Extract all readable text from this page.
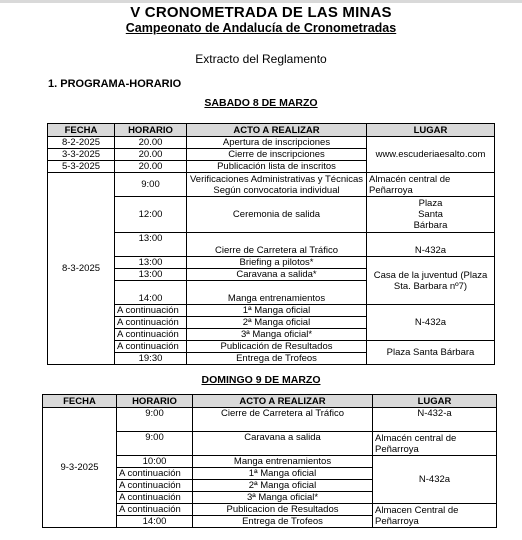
V CRONOMETRADA DE LAS MINAS
Campeonato de Andalucía de Cronometradas
Extracto del Reglamento
1. PROGRAMA-HORARIO
SABADO 8 DE MARZO
FECHA	HORARIO	ACTO A REALIZAR	LUGAR
8-2-2025	20.00	Apertura de inscripciones	www.escuderiaesalto.com
3-3-2025	20.00	Cierre de inscripciones	
5-3-2025	20.00	Publicación lista de inscritos	
8-3-2025	9:00	Verificaciones Administrativas y Técnicas Según convocatoria individual	Almacén central de Peñarroya
	12:00	Ceremonia de salida	Plaza
Santa
Bárbara

	13:00	Cierre de Carretera al Tráfico	N-432a
	13:00	Briefing a pilotos*	Casa de la juventud (Plaza Sta. Barbara nº7)
	13:00	Caravana a salida*	
	14:00	Manga entrenamientos	
	A continuación	1ª Manga oficial	N-432a
	A continuación	2ª Manga oficial	
	A continuación	3ª Manga oficial*	
	A continuación	Publicación de Resultados	Plaza Santa Bárbara
	19:30	Entrega de Trofeos	
DOMINGO 9 DE MARZO
FECHA	HORARIO	ACTO A REALIZAR	LUGAR
9-3-2025	9:00	Cierre de Carretera al Tráfico	N-432-a
	9:00	Caravana a salida	Almacén central de Peñarroya
	10:00	Manga entrenamientos	N-432a
	A continuación	1ª Manga oficial	
	A continuación	2ª Manga oficial	
	A continuación	3ª Manga oficial*	
	A continuación	Publicacion de Resultados	Almacen Central de Peñarroya
	14:00	Entrega de Trofeos	
